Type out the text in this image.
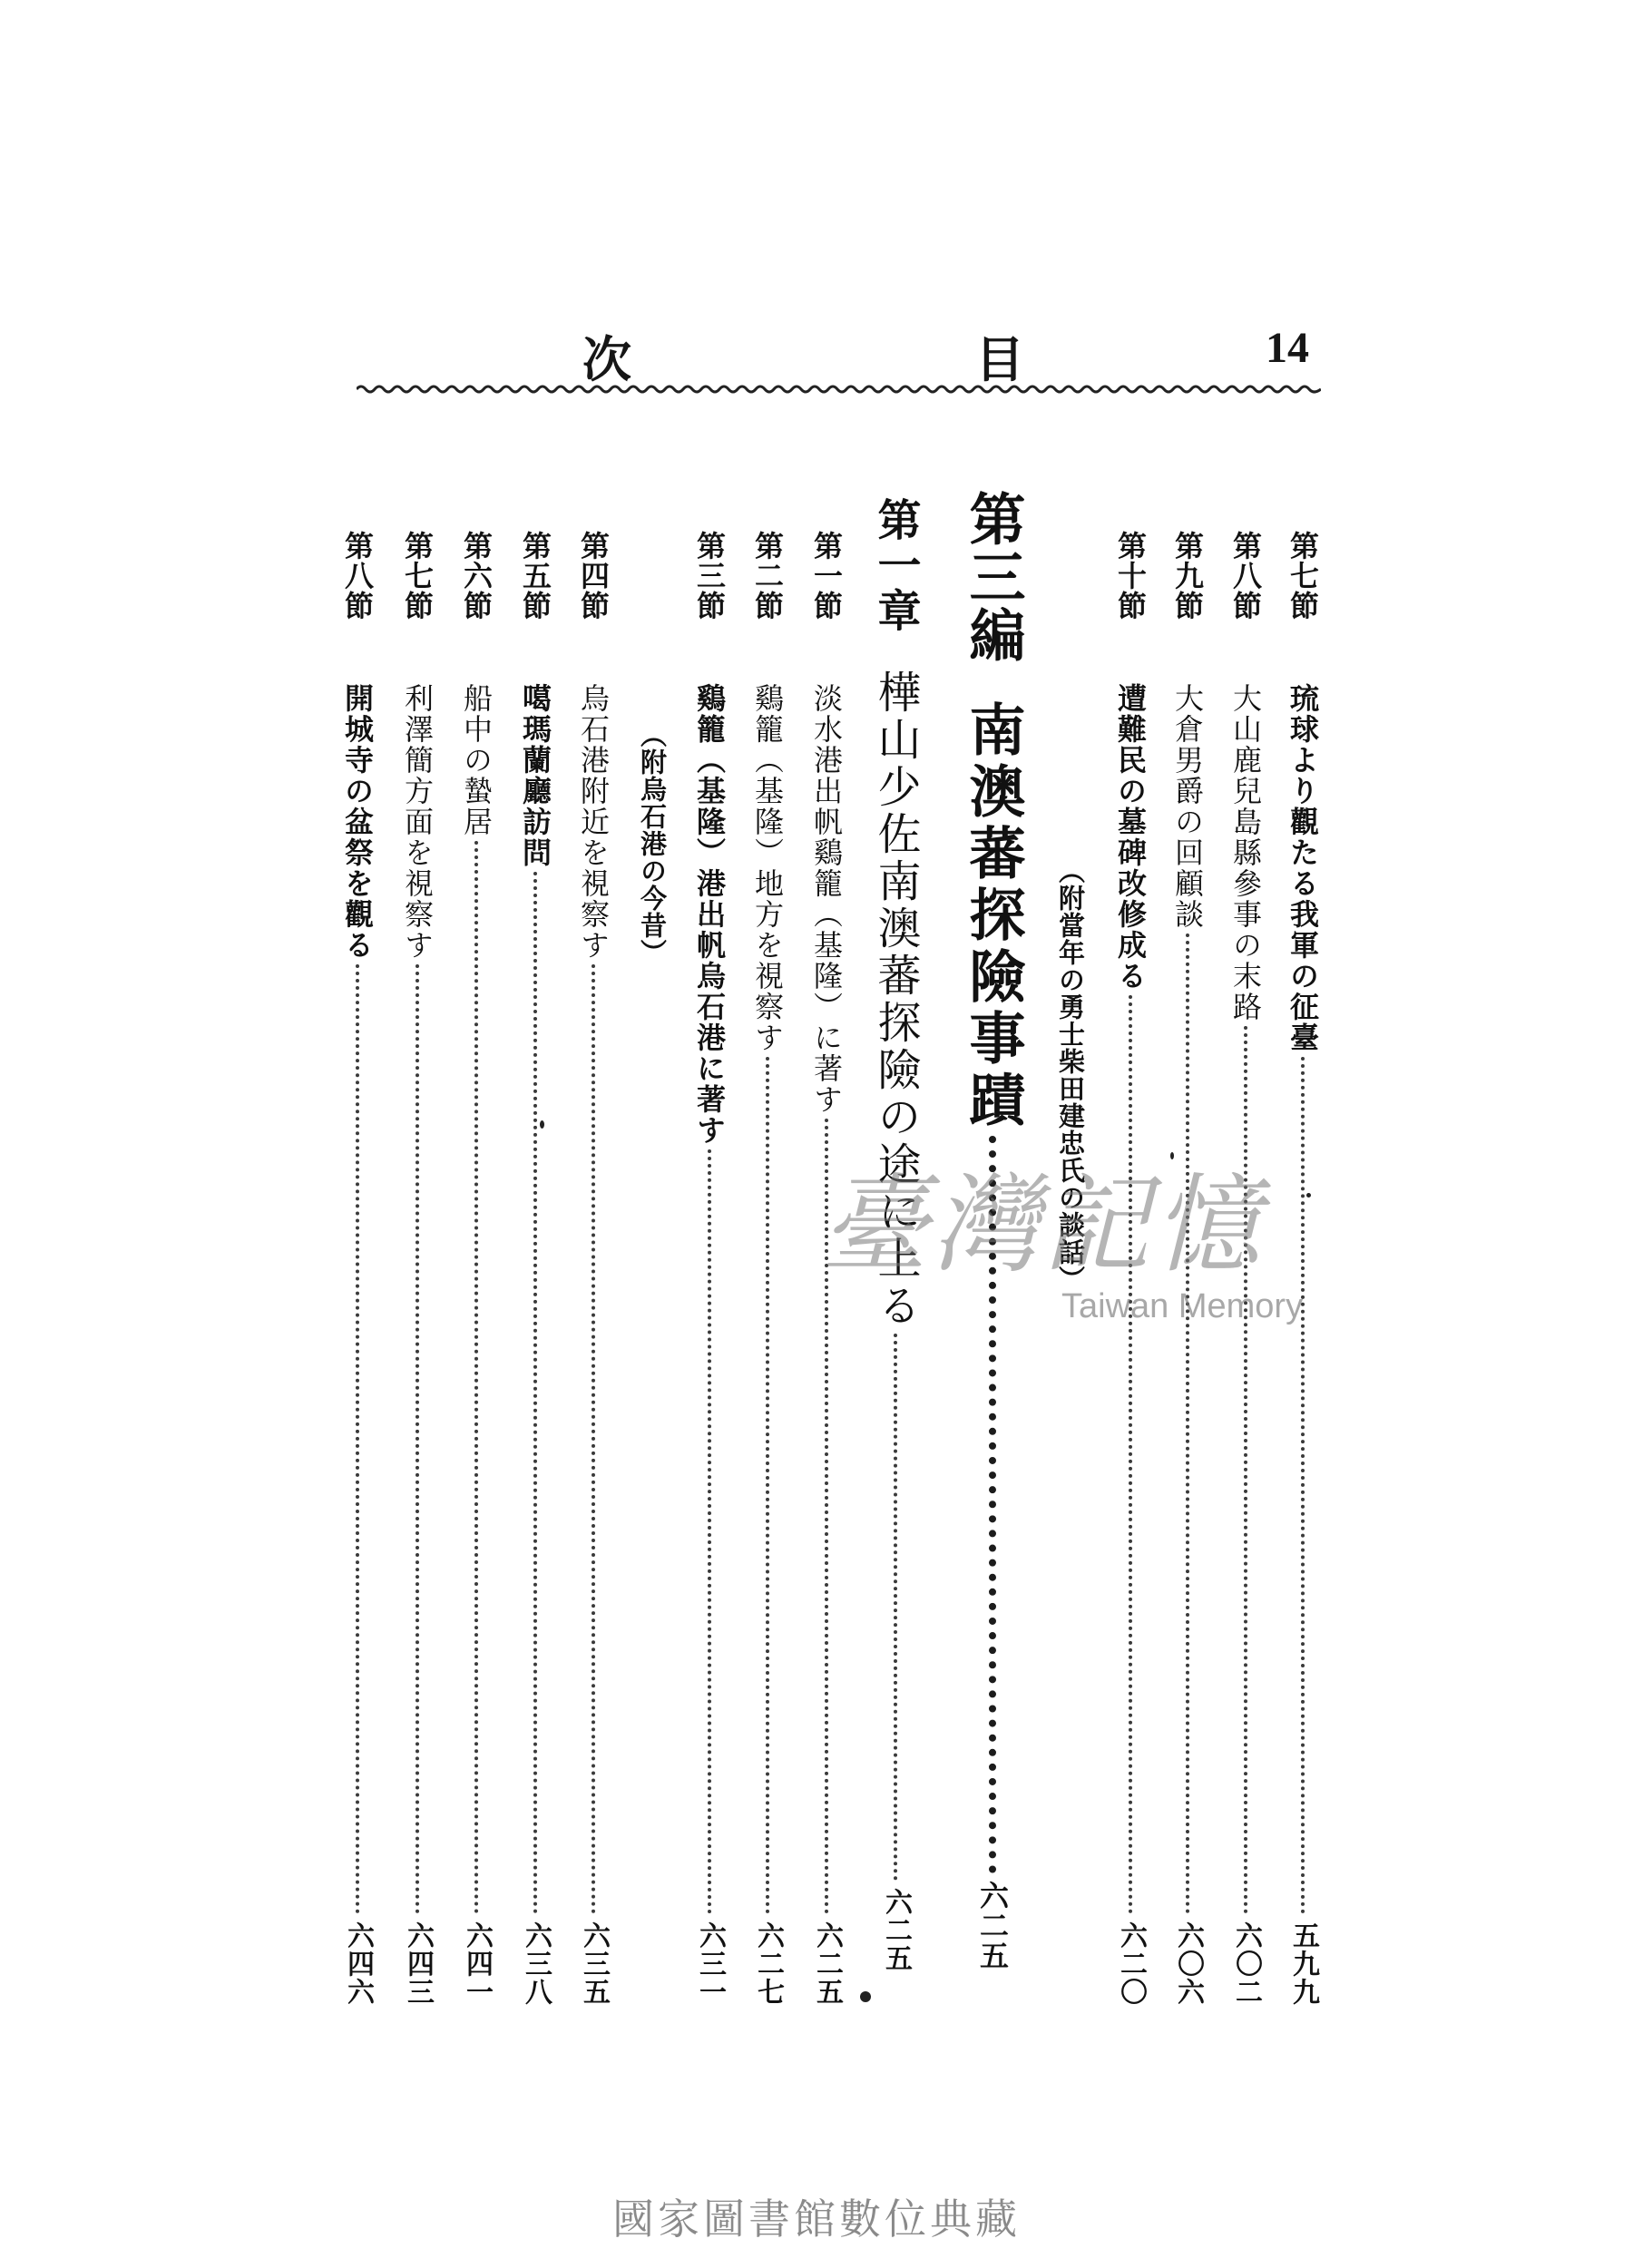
次	目	14
第七節
琉球より觀たる我軍の征臺
五九九
第八節
大山鹿兒島縣參事の末路
六〇二
第九節
大倉男爵の回顧談
六〇六
第十節
遭難民の墓碑改修成る
六二〇
（附當年の勇士柴田建忠氏の談話）
第三編
南澳蕃探險事蹟
六二五
第一章
樺山少佐南澳蕃探險の途に上る
六二五
第一節
淡水港出帆鷄籠（基隆）に著す
六二五
第二節
鷄籠（基隆）地方を視察す
六二七
第三節
鷄籠（基隆）港出帆烏石港に著す
六三一
（附烏石港の今昔）
第四節
烏石港附近を視察す
六三五
第五節
噶瑪蘭廳訪問
六三八
第六節
船中の蟄居
六四一
第七節
利澤簡方面を視察す
六四三
第八節
開城寺の盆祭を觀る
六四六
臺灣記憶
Taiwan Memory
國家圖書館數位典藏
